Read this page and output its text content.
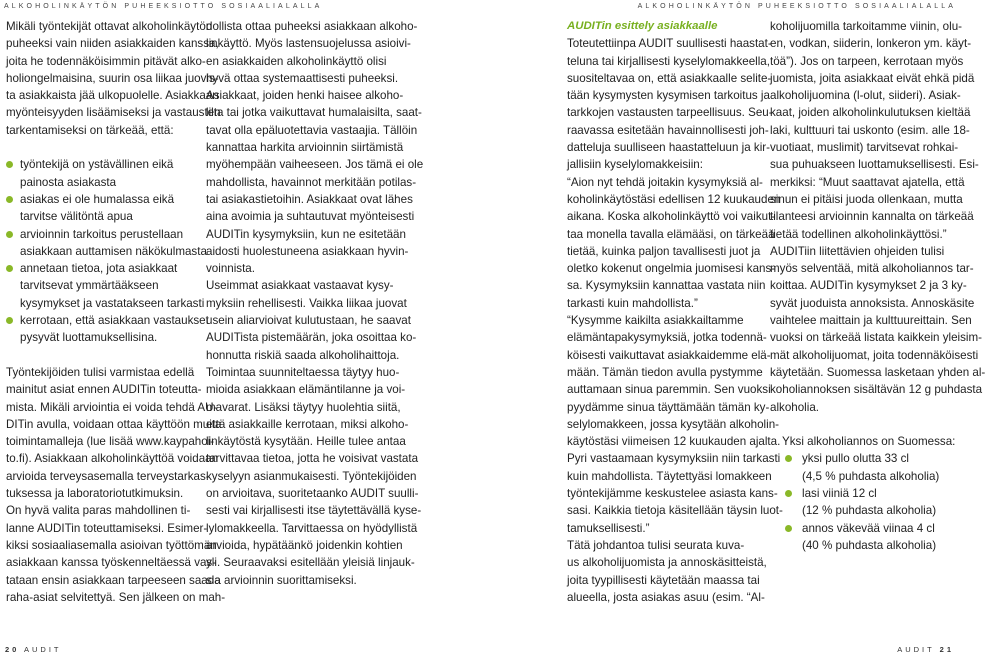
ALKOHOLINKÄYTÖN PUHEEKSIOTTO SOSIAALIALALLA	ALKOHOLINKÄYTÖN PUHEEKSIOTTO SOSIAALIALALLA
Mikäli työntekijät ottavat alkoholinkäytön
puheeksi vain niiden asiakkaiden kanssa,
joita he todennäköisimmin pitävät alko-
holiongelmaisina, suurin osa liikaa juovis-
ta asiakkaista jää ulkopuolelle. Asiakkaan
myönteisyyden lisäämiseksi ja vastausten
tarkentamiseksi on tärkeää, että:
työntekijä on ystävällinen eikä
painosta asiakasta
asiakas ei ole humalassa eikä
tarvitse välitöntä apua
arvioinnin tarkoitus perustellaan
asiakkaan auttamisen näkökulmasta
annetaan tietoa, jota asiakkaat
tarvitsevat ymmärtääkseen
kysymykset ja vastatakseen tarkasti
kerrotaan, että asiakkaan vastaukset
pysyvät luottamuksellisina.
Työntekijöiden tulisi varmistaa edellä
mainitut asiat ennen AUDITin toteutta-
mista. Mikäli arviointia ei voida tehdä AU-
DITin avulla, voidaan ottaa käyttöön muita
toimintamalleja (lue lisää www.kaypahoi-
to.fi). Asiakkaan alkoholinkäyttöä voidaan
arvioida terveysasemalla terveystarkas-
tuksessa ja laboratoriotutkimuksin.
On hyvä valita paras mahdollinen ti-
lanne AUDITin toteuttamiseksi. Esimer-
kiksi sosiaaliasemalla asioivan työttömän
asiakkaan kanssa työskenneltäessä vas-
tataan ensin asiakkaan tarpeeseen saada
raha-asiat selvitettyä. Sen jälkeen on mah-
dollista ottaa puheeksi asiakkaan alkoho-
linkäyttö. Myös lastensuojelussa asioivi-
en asiakkaiden alkoholinkäyttö olisi
hyvä ottaa systemaattisesti puheeksi.
Asiakkaat, joiden henki haisee alkoho-
lilta tai jotka vaikuttavat humalaisilta, saat-
tavat olla epäluotettavia vastaajia. Tällöin
kannattaa harkita arvioinnin siirtämistä
myöhempään vaiheeseen. Jos tämä ei ole
mahdollista, havainnot merkitään potilas-
tai asiakastietoihin. Asiakkaat ovat lähes
aina avoimia ja suhtautuvat myönteisesti
AUDITin kysymyksiin, kun ne esitetään
aidosti huolestuneena asiakkaan hyvin-
voinnista.
Useimmat asiakkaat vastaavat kysy-
myksiin rehellisesti. Vaikka liikaa juovat
usein aliarvioivat kulutustaan, he saavat
AUDITista pistemäärän, joka osoittaa ko-
honnutta riskiä saada alkoholihaittoja.
Toimintaa suunniteltaessa täytyy huo-
mioida asiakkaan elämäntilanne ja voi-
mavarat. Lisäksi täytyy huolehtia siitä,
että asiakkaille kerrotaan, miksi alkoho-
linkäytöstä kysytään. Heille tulee antaa
tarvittavaa tietoa, jotta he voisivat vastata
kyselyyn asianmukaisesti. Työntekijöiden
on arvioitava, suoritetaanko AUDIT suulli-
sesti vai kirjallisesti itse täytettävällä kyse-
lylomakkeella. Tarvittaessa on hyödyllistä
arvioida, hypätäänkö joidenkin kohtien
yli. Seuraavaksi esitellään yleisiä linjauk-
sia arvioinnin suorittamiseksi.
AUDITin esittely asiakkaalle
Toteutettiinpa AUDIT suullisesti haastat-
teluna tai kirjallisesti kyselylomakkeella,
suositeltavaa on, että asiakkaalle selite-
tään kysymysten kysymisen tarkoitus ja
tarkkojen vastausten tarpeellisuus. Seu-
raavassa esitetään havainnollisesti joh-
datteluja suulliseen haastatteluun ja kir-
jallisiin kyselylomakkeisiin:
“Aion nyt tehdä joitakin kysymyksiä al-
koholinkäytöstäsi edellisen 12 kuukauden
aikana. Koska alkoholinkäyttö voi vaikut-
taa monella tavalla elämääsi, on tärkeää
tietää, kuinka paljon tavallisesti juot ja
oletko kokenut ongelmia juomisesi kans-
sa. Kysymyksiin kannattaa vastata niin
tarkasti kuin mahdollista.”
“Kysymme kaikilta asiakkailtamme
elämäntapakysymyksiä, jotka todennä-
köisesti vaikuttavat asiakkaidemme elä-
mään. Tämän tiedon avulla pystymme
auttamaan sinua paremmin. Sen vuoksi
pyydämme sinua täyttämään tämän ky-
selylomakkeen, jossa kysytään alkoholin-
käytöstäsi viimeisen 12 kuukauden ajalta.
Pyri vastaamaan kysymyksiin niin tarkasti
kuin mahdollista. Täytettyäsi lomakkeen
työntekijämme keskustelee asiasta kans-
sasi. Kaikkia tietoja käsitellään täysin luot-
tamuksellisesti.”
Tätä johdantoa tulisi seurata kuva-
us alkoholijuomista ja annoskäsitteistä,
joita tyypillisesti käytetään maassa tai
alueella, josta asiakas asuu (esim. “Al-
koholijuomilla tarkoitamme viinin, olu-
en, vodkan, siiderin, lonkeron ym. käyt-
töä”). Jos on tarpeen, kerrotaan myös
juomista, joita asiakkaat eivät ehkä pidä
alkoholijuomina (l-olut, siideri). Asiak-
kaat, joiden alkoholinkulutuksen kieltää
laki, kulttuuri tai uskonto (esim. alle 18-
vuotiaat, muslimit) tarvitsevat rohkai-
sua puhuakseen luottamuksellisesti. Esi-
merkiksi: “Muut saattavat ajatella, että
sinun ei pitäisi juoda ollenkaan, mutta
tilanteesi arvioinnin kannalta on tärkeää
tietää todellinen alkoholinkäyttösi.”
AUDITiin liitettävien ohjeiden tulisi
myös selventää, mitä alkoholiannos tar-
koittaa. AUDITin kysymykset 2 ja 3 ky-
syvät juoduista annoksista. Annoskäsite
vaihtelee maittain ja kulttuureittain. Sen
vuoksi on tärkeää listata kaikkein yleisim-
mät alkoholijuomat, joita todennäköisesti
käytetään. Suomessa lasketaan yhden al-
koholiannoksen sisältävän 12 g puhdasta
alkoholia.
Yksi alkoholiannos on Suomessa:
yksi pullo olutta 33 cl
(4,5 % puhdasta alkoholia)
lasi viiniä 12 cl
(12 % puhdasta alkoholia)
annos väkevää viinaa 4 cl
(40 % puhdasta alkoholia)
20 AUDIT	AUDIT 21
